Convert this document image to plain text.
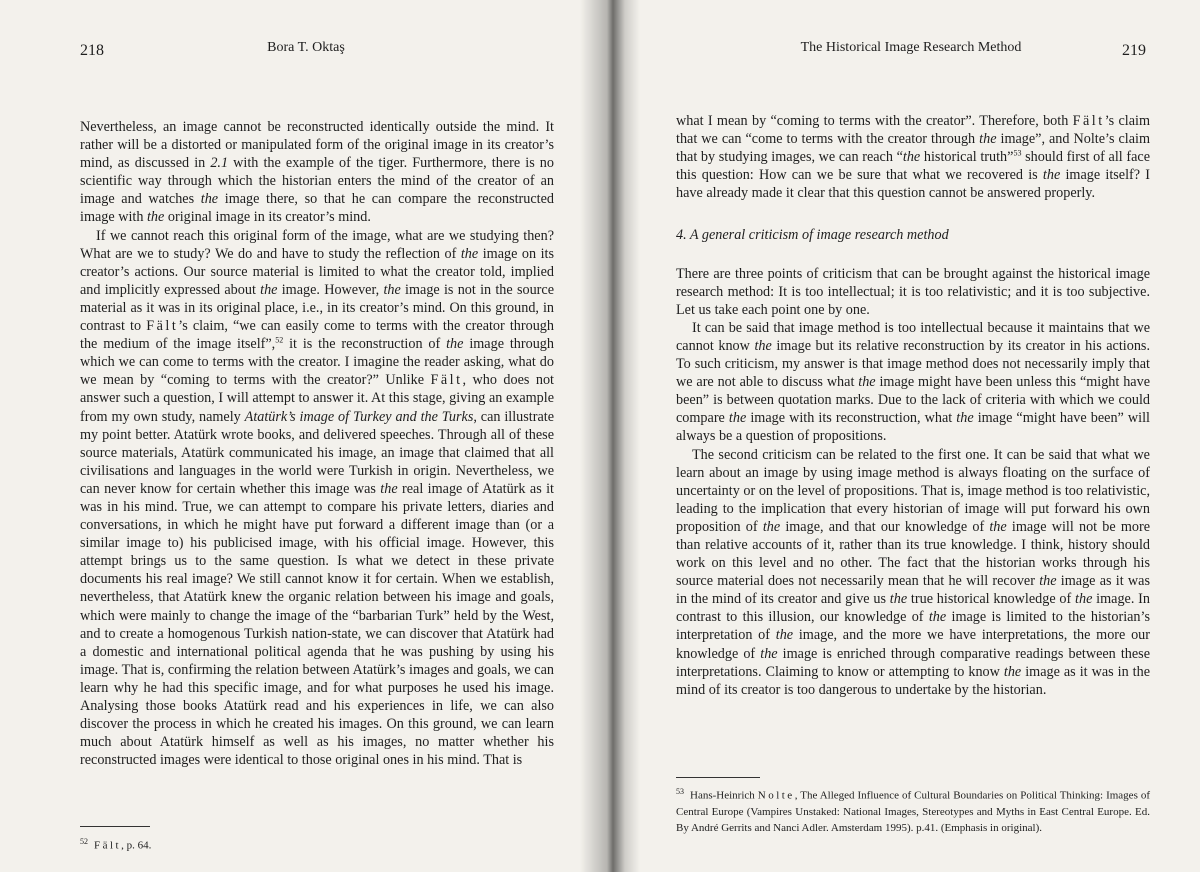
218	Bora T. Oktaş

Nevertheless, an image cannot be reconstructed identically outside the mind. It rather will be a distorted or manipulated form of the original image in its creator’s mind, as discussed in 2.1 with the example of the tiger. Furthermore, there is no scientific way through which the historian enters the mind of the creator of an image and watches the image there, so that he can compare the reconstructed image with the original image in its creator’s mind.

If we cannot reach this original form of the image, what are we studying then? What are we to study? We do and have to study the reflection of the image on its creator’s actions. Our source material is limited to what the creator told, implied and implicitly expressed about the image. However, the image is not in the source material as it was in its original place, i.e., in its creator’s mind. On this ground, in contrast to Fält’s claim, “we can easily come to terms with the creator through the medium of the image itself”,$^{52}$ it is the reconstruction of the image through which we can come to terms with the creator. I imagine the reader asking, what do we mean by “coming to terms with the creator?” Unlike Fält, who does not answer such a question, I will attempt to answer it. At this stage, giving an example from my own study, namely Atatürk’s image of Turkey and the Turks, can illustrate my point better. Atatürk wrote books, and delivered speeches. Through all of these source materials, Atatürk communicated his image, an image that claimed that all civilisations and languages in the world were Turkish in origin. Nevertheless, we can never know for certain whether this image was the real image of Atatürk as it was in his mind. True, we can attempt to compare his private letters, diaries and conversations, in which he might have put forward a different image than (or a similar image to) his publicised image, with his official image. However, this attempt brings us to the same question. Is what we detect in these private documents his real image? We still cannot know it for certain. When we establish, nevertheless, that Atatürk knew the organic relation between his image and goals, which were mainly to change the image of the “barbarian Turk” held by the West, and to create a homogenous Turkish nation-state, we can discover that Atatürk had a domestic and international political agenda that he was pushing by using his image. That is, confirming the relation between Atatürk’s images and goals, we can learn why he had this specific image, and for what purposes he used his image. Analysing those books Atatürk read and his experiences in life, we can also discover the process in which he created his images. On this ground, we can learn much about Atatürk himself as well as his images, no matter whether his reconstructed images were identical to those original ones in his mind. That is

$^{52}$ Fält, p. 64.
The Historical Image Research Method	219

what I mean by “coming to terms with the creator”. Therefore, both Fält’s claim that we can “come to terms with the creator through the image”, and Nolte’s claim that by studying images, we can reach “the historical truth”$^{53}$ should first of all face this question: How can we be sure that what we recovered is the image itself? I have already made it clear that this question cannot be answered properly.

4. A general criticism of image research method

There are three points of criticism that can be brought against the historical image research method: It is too intellectual; it is too relativistic; and it is too subjective. Let us take each point one by one.

It can be said that image method is too intellectual because it maintains that we cannot know the image but its relative reconstruction by its creator in his actions. To such criticism, my answer is that image method does not necessarily imply that we are not able to discuss what the image might have been unless this “might have been” is between quotation marks. Due to the lack of criteria with which we could compare the image with its reconstruction, what the image “might have been” will always be a question of propositions.

The second criticism can be related to the first one. It can be said that what we learn about an image by using image method is always floating on the surface of uncertainty or on the level of propositions. That is, image method is too relativistic, leading to the implication that every historian of image will put forward his own proposition of the image, and that our knowledge of the image will not be more than relative accounts of it, rather than its true knowledge. I think, history should work on this level and no other. The fact that the historian works through his source material does not necessarily mean that he will recover the image as it was in the mind of its creator and give us the true historical knowledge of the image. In contrast to this illusion, our knowledge of the image is limited to the historian’s interpretation of the image, and the more we have interpretations, the more our knowledge of the image is enriched through comparative readings between these interpretations. Claiming to know or attempting to know the image as it was in the mind of its creator is too dangerous to undertake by the historian.

$^{53}$ Hans-Heinrich Nolte, The Alleged Influence of Cultural Boundaries on Political Thinking: Images of Central Europe (Vampires Unstaked: National Images, Stereotypes and Myths in East Central Europe. Ed. By André Gerrits and Nanci Adler. Amsterdam 1995). p.41. (Emphasis in original).
